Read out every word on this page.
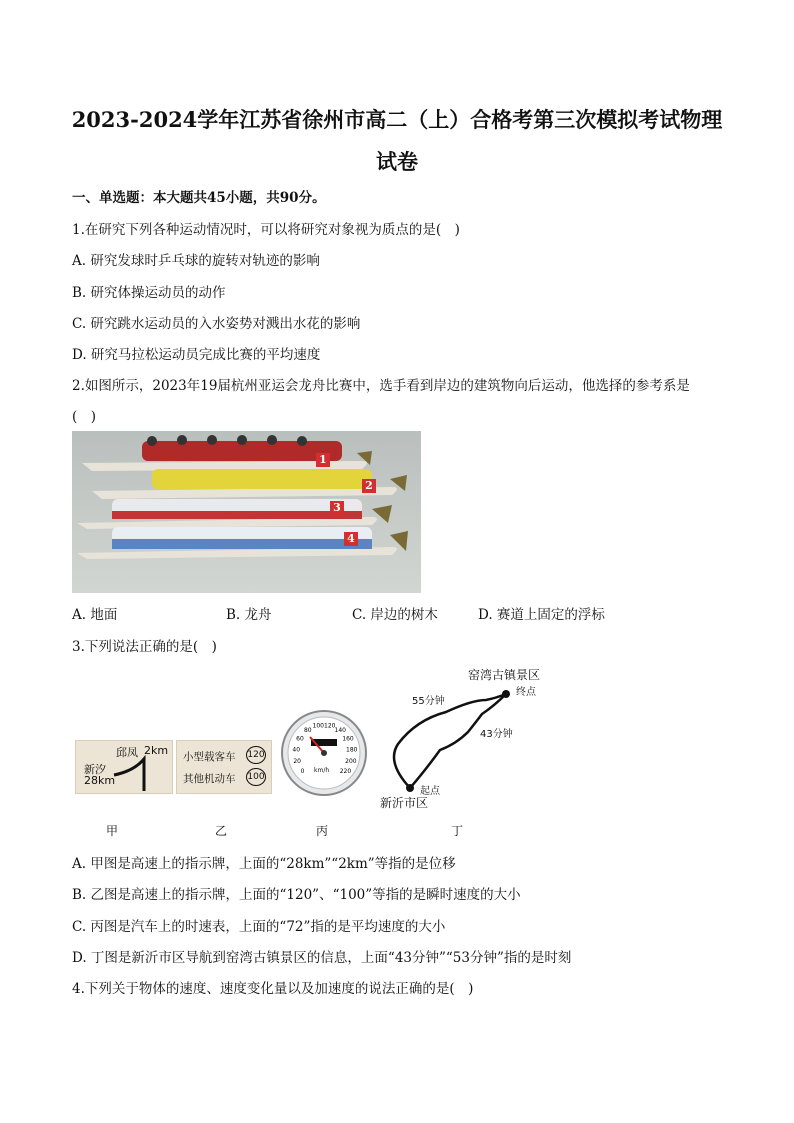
2023-2024学年江苏省徐州市高二（上）合格考第三次模拟考试物理
试卷
一、单选题：本大题共45小题，共90分。
1.在研究下列各种运动情况时，可以将研究对象视为质点的是(　)
A. 研究发球时乒乓球的旋转对轨迹的影响
B. 研究体操运动员的动作
C. 研究跳水运动员的入水姿势对溅出水花的影响
D. 研究马拉松运动员完成比赛的平均速度
2.如图所示，2023年19届杭州亚运会龙舟比赛中，选手看到岸边的建筑物向后运动，他选择的参考系是
(　)
1
2
3
4
A. 地面	B. 龙舟	C. 岸边的树木	D. 赛道上固定的浮标
3.下列说法正确的是(　)
邱凤 2km
新汐
28km
小型载客车 120
其他机动车 100
0
20
40
60
80
100 120
140
160
180
200
220
km/h
窑湾古镇景区
终点
55分钟
43分钟
起点
新沂市区
甲	乙	丙	丁
A. 甲图是高速上的指示牌，上面的“28km”“2km”等指的是位移
B. 乙图是高速上的指示牌，上面的“120”、“100”等指的是瞬时速度的大小
C. 丙图是汽车上的时速表，上面的“72”指的是平均速度的大小
D. 丁图是新沂市区导航到窑湾古镇景区的信息，上面“43分钟”“53分钟”指的是时刻
4.下列关于物体的速度、速度变化量以及加速度的说法正确的是(　)
